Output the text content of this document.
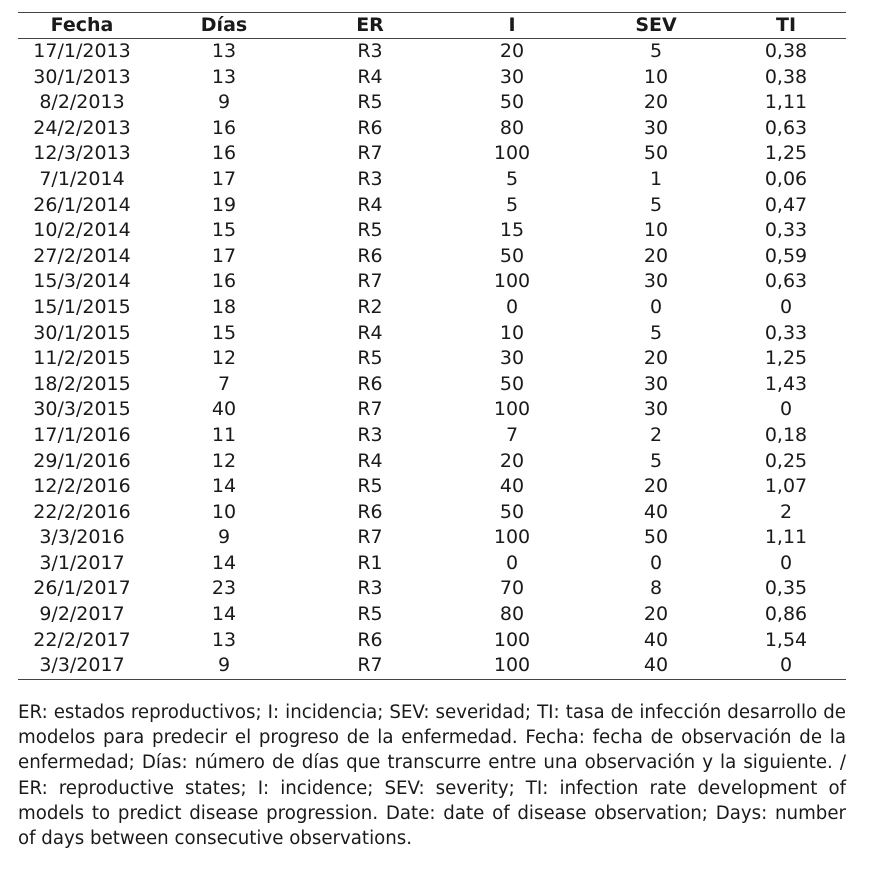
Fecha	Días	ER	I	SEV	TI
17/1/2013	13	R3	20	5	0,38
30/1/2013	13	R4	30	10	0,38
8/2/2013	9	R5	50	20	1,11
24/2/2013	16	R6	80	30	0,63
12/3/2013	16	R7	100	50	1,25
7/1/2014	17	R3	5	1	0,06
26/1/2014	19	R4	5	5	0,47
10/2/2014	15	R5	15	10	0,33
27/2/2014	17	R6	50	20	0,59
15/3/2014	16	R7	100	30	0,63
15/1/2015	18	R2	0	0	0
30/1/2015	15	R4	10	5	0,33
11/2/2015	12	R5	30	20	1,25
18/2/2015	7	R6	50	30	1,43
30/3/2015	40	R7	100	30	0
17/1/2016	11	R3	7	2	0,18
29/1/2016	12	R4	20	5	0,25
12/2/2016	14	R5	40	20	1,07
22/2/2016	10	R6	50	40	2
3/3/2016	9	R7	100	50	1,11
3/1/2017	14	R1	0	0	0
26/1/2017	23	R3	70	8	0,35
9/2/2017	14	R5	80	20	0,86
22/2/2017	13	R6	100	40	1,54
3/3/2017	9	R7	100	40	0
ER: estados reproductivos; I: incidencia; SEV: severidad; TI: tasa de infección desarrollo de modelos para predecir el progreso de la enfermedad. Fecha: fecha de observación de la enfermedad; Días: número de días que transcurre entre una observación y la siguiente. / ER: reproductive states; I: incidence; SEV: severity; TI: infection rate development of models to predict disease progression. Date: date of disease observation; Days: number of days between consecutive observations.
